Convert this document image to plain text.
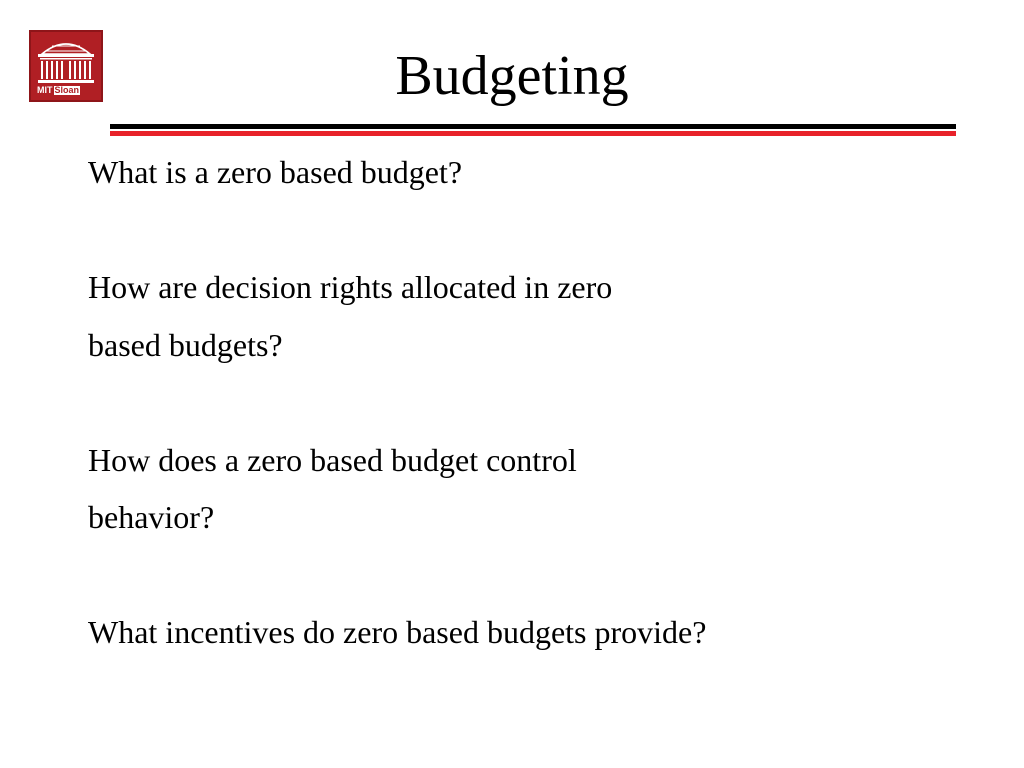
MIT Sloan	Budgeting

What is a zero based budget?

How are decision rights allocated in zero

based budgets?

How does a zero based budget control

behavior?

What incentives do zero based budgets provide?
